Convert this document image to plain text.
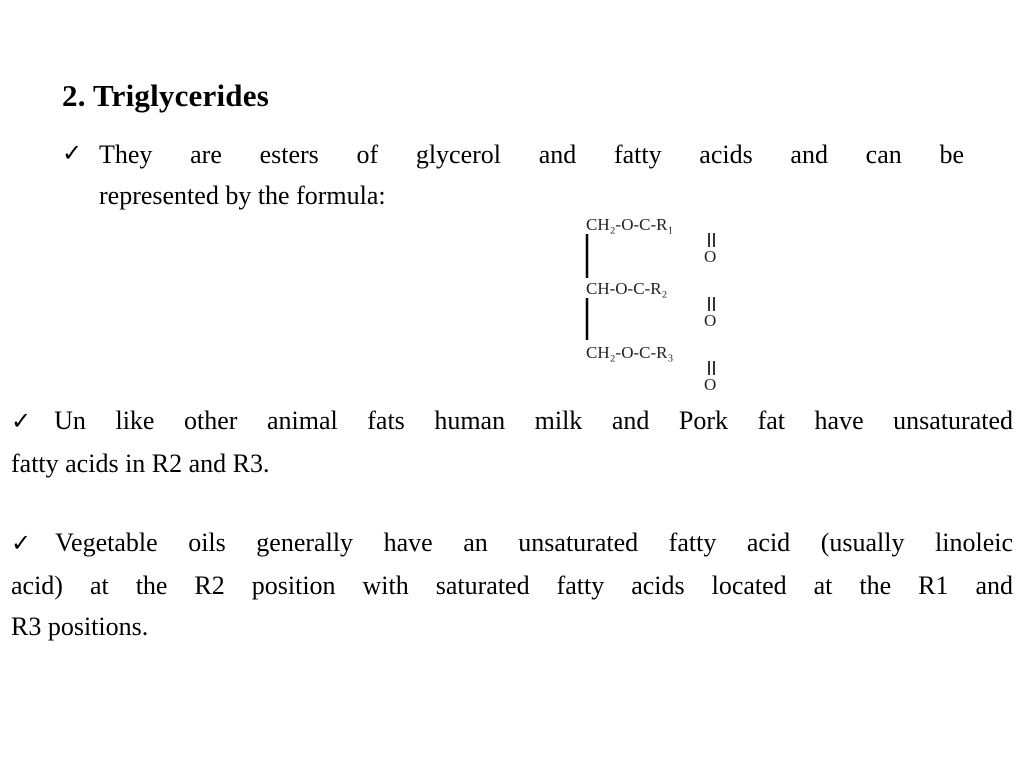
2. Triglycerides
✓ They are esters of glycerol and fatty acids and can be
represented by the formula:
CH₂-O-C-R₁
O
CH-O-C-R₂
O
CH₂-O-C-R₃
O
✓Un like other animal fats human milk and Pork fat have unsaturated
fatty acids in R2 and R3.
✓Vegetable oils generally have an unsaturated fatty acid (usually linoleic
acid) at the R2 position with saturated fatty acids located at the R1 and
R3 positions.
